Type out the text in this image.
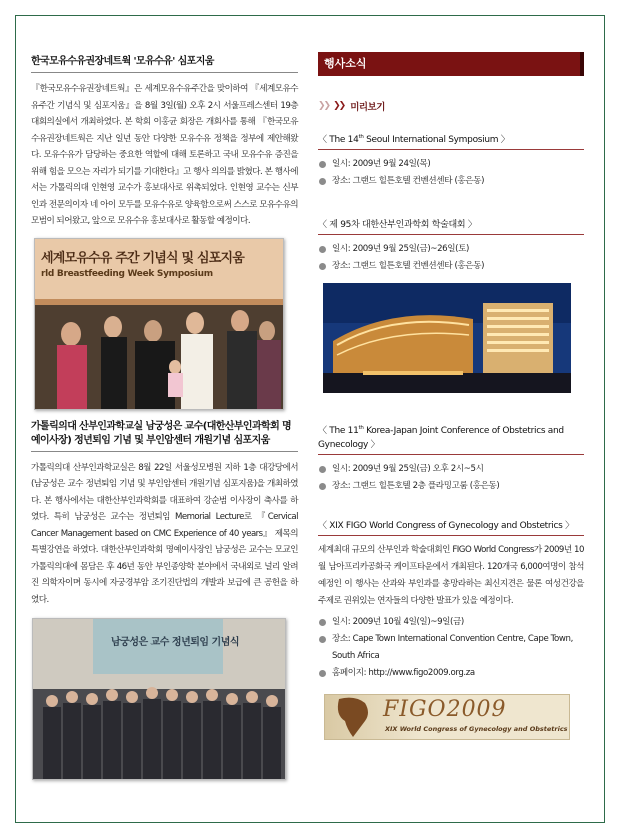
한국모유수유권장네트웍 '모유수유' 심포지움

『한국모유수유권장네트웍』은 세계모유수유주간을 맞이하여 『세계모유수유주간 기념식 및 심포지움』을 8월 3일(월) 오후 2시 서울프레스센터 19층 대회의실에서 개최하였다. 본 학회 이홍균 회장은 개회사를 통해 『한국모유수유권장네트웍은 지난 일년 동안 다양한 모유수유 정책을 정부에 제안해왔다. 모유수유가 담당하는 중요한 역할에 대해 토론하고 국내 모유수유 증진을 위해 힘을 모으는 자리가 되기를 기대한다』고 행사 의의를 밝혔다. 본 행사에서는 가톨릭의대 인현영 교수가 홍보대사로 위촉되었다. 인현영 교수는 신부인과 전문의이자 네 아이 모두를 모유수유로 양육함으로써 스스로 모유수유의 모범이 되어왔고, 앞으로 모유수유 홍보대사로 활동할 예정이다.

세계모유수유 주간 기념식 및 심포지움
rld Breastfeeding Week Symposium
가톨릭의대 산부인과학교실 남궁성은 교수(대한산부인과학회 명예이사장) 정년퇴임 기념 및 부인암센터 개원기념 심포지움

가톨릭의대 산부인과학교실은 8월 22일 서울성모병원 지하 1층 대강당에서 (남궁성은 교수 정년퇴임 기념 및 부인암센터 개원기념 심포지움)을 개최하였다. 본 행사에서는 대한산부인과학회를 대표하여 강순범 이사장이 축사를 하였다. 특히 남궁성은 교수는 정년퇴임 Memorial Lecture로 『Cervical Cancer Management based on CMC Experience of 40 years』 제목의 특별강연을 하였다. 대한산부인과학회 명예이사장인 남궁성은 교수는 모교인 가톨릭의대에 몸담은 후 46년 동안 부인종양학 분야에서 국내외로 널리 알려진 의학자이며 동시에 자궁경부암 조기진단법의 개발과 보급에 큰 공헌을 하였다.

남궁성은 교수 정년퇴임 기념식
행사소식
❯❯ ❯❯ 미리보기
〈 The 14th Seoul International Symposium 〉
일시: 2009년 9월 24일(목)
장소: 그랜드 힐튼호텔 컨벤션센타 (홍은동)
〈 제 95차 대한산부인과학회 학술대회 〉
일시: 2009년 9월 25일(금)~26일(토)
장소: 그랜드 힐튼호텔 컨벤션센타 (홍은동)
〈 The 11th Korea-Japan Joint Conference of Obstetrics and Gynecology 〉
일시: 2009년 9월 25일(금) 오후 2시~5시
장소: 그랜드 힐튼호텔 2층 플라밍고룸 (홍은동)
〈 XIX FIGO World Congress of Gynecology and Obstetrics 〉

세계최대 규모의 산부인과 학술대회인 FIGO World Congress가 2009년 10월 남아프리카공화국 케이프타운에서 개최된다. 120개국 6,000여명이 참석예정인 이 행사는 산과와 부인과를 총망라하는 최신지견은 물론 여성건강을 주제로 권위있는 연자들의 다양한 발표가 있을 예정이다.

일시: 2009년 10월 4일(일)~9일(금)
장소: Cape Town International Convention Centre, Cape Town, South Africa
홈페이지: http://www.figo2009.org.za
FIGO2009
XIX World Congress of Gynecology and Obstetrics
